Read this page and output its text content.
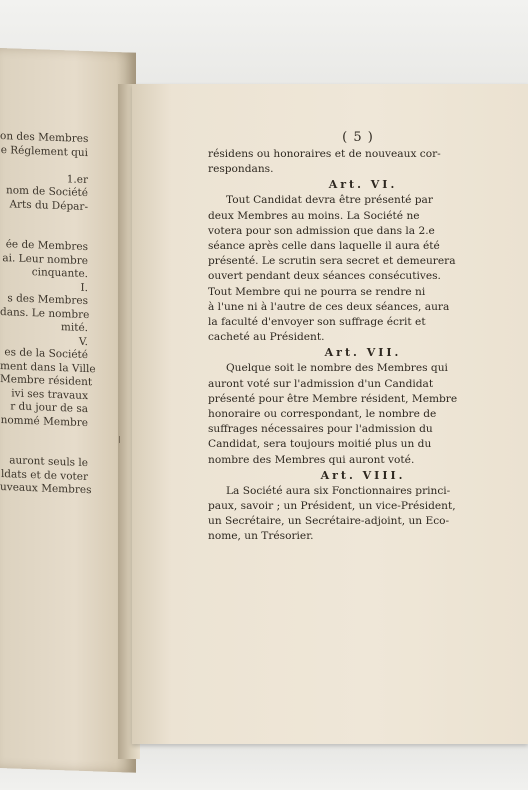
on des Membres
e Réglement qui

1.er
nom de Société
Arts du Dépar-

ée de Membres
ai. Leur nombre
cinquante.
I.
s des Membres
dans. Le nombre
mité.
V.
es de la Société
ment dans la Ville
Membre résident
ivi ses travaux
r du jour de sa
nommé Membre

auront seuls le
ldats et de voter
uveaux Membres
( 5 )
résidens ou honoraires et de nouveaux cor-
respondans.
Art. VI.
Tout Candidat devra être présenté par
deux Membres au moins. La Société ne
votera pour son admission que dans la 2.e
séance après celle dans laquelle il aura été
présenté. Le scrutin sera secret et demeurera
ouvert pendant deux séances consécutives.
Tout Membre qui ne pourra se rendre ni
à l'une ni à l'autre de ces deux séances, aura
la faculté d'envoyer son suffrage écrit et
cacheté au Président.
Art. VII.
Quelque soit le nombre des Membres qui
auront voté sur l'admission d'un Candidat
présenté pour être Membre résident, Membre
honoraire ou correspondant, le nombre de
suffrages nécessaires pour l'admission du
Candidat, sera toujours moitié plus un du
nombre des Membres qui auront voté.
Art. VIII.
La Société aura six Fonctionnaires princi-
paux, savoir ; un Président, un vice-Président,
un Secrétaire, un Secrétaire-adjoint, un Eco-
nome, un Trésorier.
